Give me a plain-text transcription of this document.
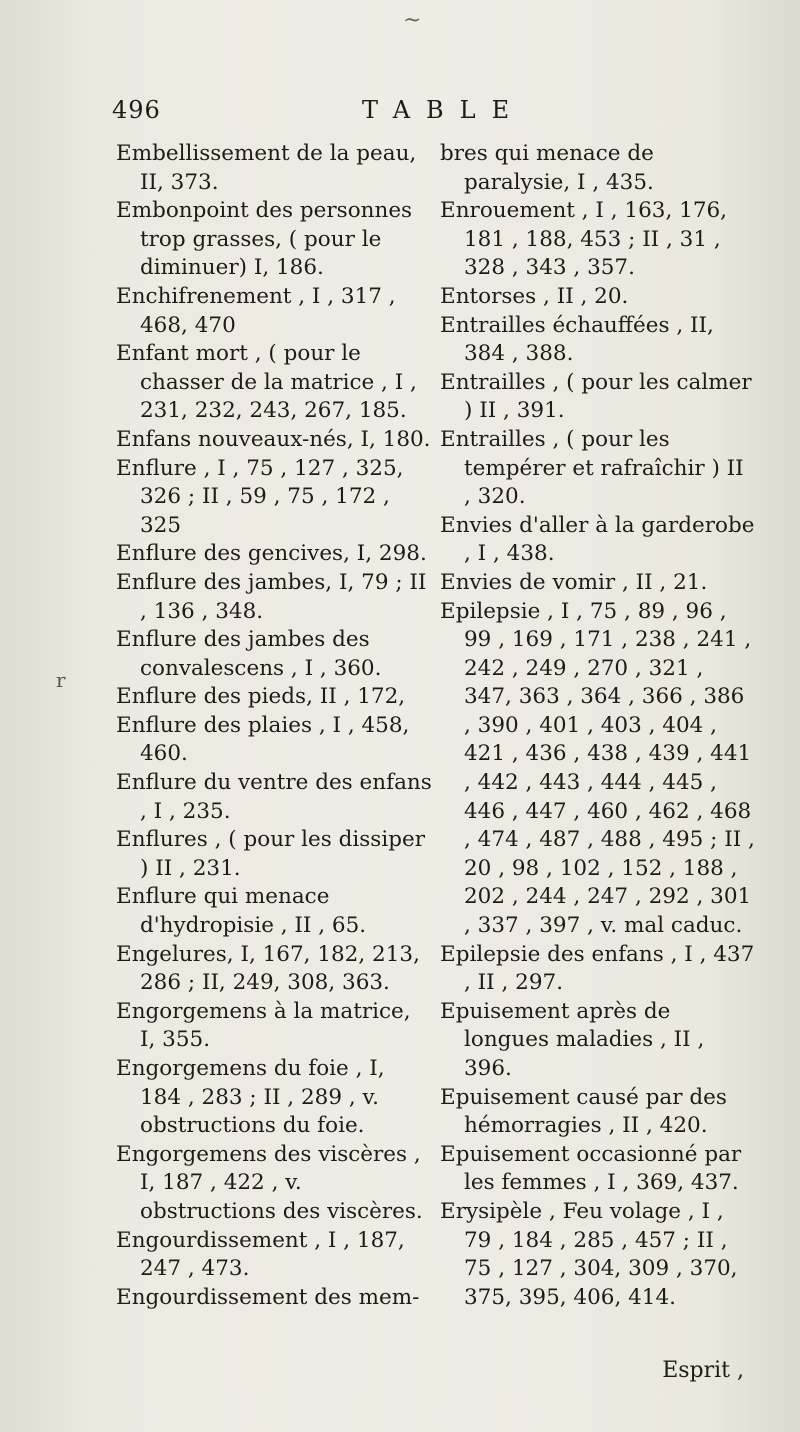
~
496	TABLE
r

Embellissement de la peau, II, 373.

Embonpoint des personnes trop grasses, ( pour le diminuer) I, 186.

Enchifrenement , I , 317 , 468, 470

Enfant mort , ( pour le chasser de la matrice , I , 231, 232, 243, 267, 185.

Enfans nouveaux-nés, I, 180.

Enflure , I , 75 , 127 , 325, 326 ; II , 59 , 75 , 172 , 325

Enflure des gencives, I, 298.

Enflure des jambes, I, 79 ; II , 136 , 348.

Enflure des jambes des convalescens , I , 360.

Enflure des pieds, II , 172,

Enflure des plaies , I , 458, 460.

Enflure du ventre des enfans , I , 235.

Enflures , ( pour les dissiper ) II , 231.

Enflure qui menace d'hydropisie , II , 65.

Engelures, I, 167, 182, 213, 286 ; II, 249, 308, 363.

Engorgemens à la matrice, I, 355.

Engorgemens du foie , I, 184 , 283 ; II , 289 , v. obstructions du foie.

Engorgemens des viscères , I, 187 , 422 , v. obstructions des viscères.

Engourdissement , I , 187, 247 , 473.

Engourdissement des mem-

bres qui menace de paralysie, I , 435.

Enrouement , I , 163, 176, 181 , 188, 453 ; II , 31 , 328 , 343 , 357.

Entorses , II , 20.

Entrailles échauffées , II, 384 , 388.

Entrailles , ( pour les calmer ) II , 391.

Entrailles , ( pour les tempérer et rafraîchir ) II , 320.

Envies d'aller à la garderobe , I , 438.

Envies de vomir , II , 21.

Epilepsie , I , 75 , 89 , 96 , 99 , 169 , 171 , 238 , 241 , 242 , 249 , 270 , 321 , 347, 363 , 364 , 366 , 386 , 390 , 401 , 403 , 404 , 421 , 436 , 438 , 439 , 441 , 442 , 443 , 444 , 445 , 446 , 447 , 460 , 462 , 468 , 474 , 487 , 488 , 495 ; II , 20 , 98 , 102 , 152 , 188 , 202 , 244 , 247 , 292 , 301 , 337 , 397 , v. mal caduc.

Epilepsie des enfans , I , 437 , II , 297.

Epuisement après de longues maladies , II , 396.

Epuisement causé par des hémorragies , II , 420.

Epuisement occasionné par les femmes , I , 369, 437.

Erysipèle , Feu volage , I , 79 , 184 , 285 , 457 ; II , 75 , 127 , 304, 309 , 370, 375, 395, 406, 414.

Esprit ,
